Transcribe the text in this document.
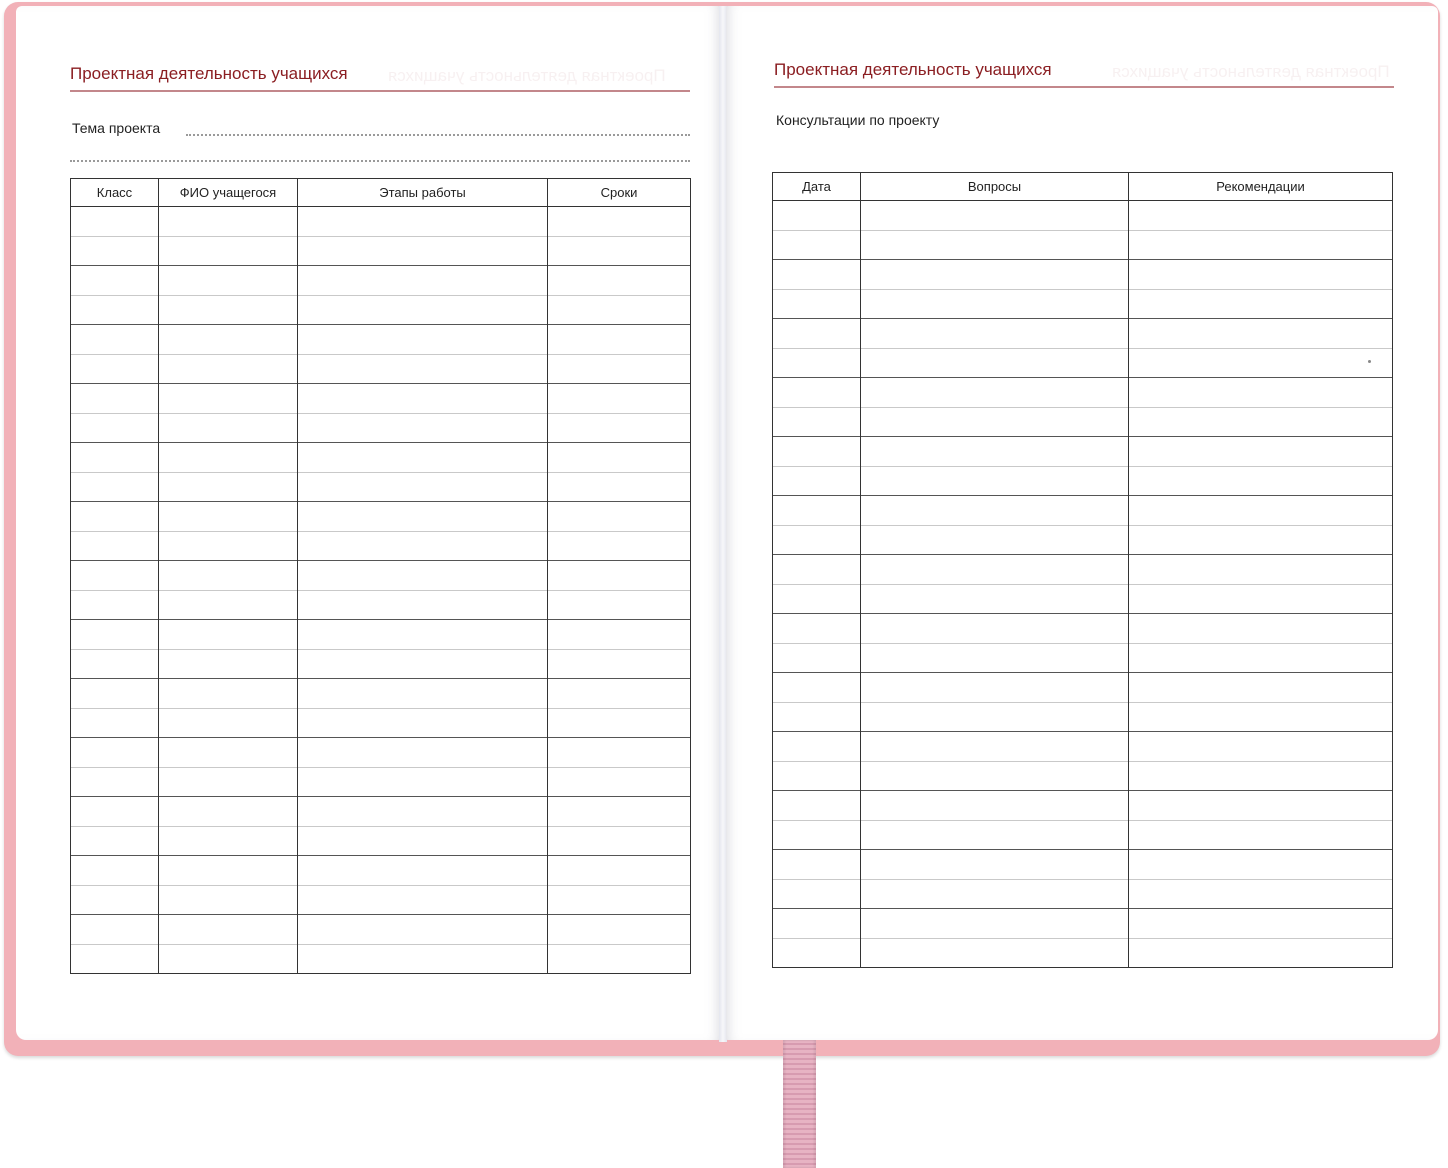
Проектная деятельность учащихся
Проектная деятельность учащихся
Тема проекта
Класс	ФИО учащегося	Этапы работы	Сроки

Проектная деятельность учащихся
Проектная деятельность учащихся
Консультации по проекту
Дата	Вопросы	Рекомендации
